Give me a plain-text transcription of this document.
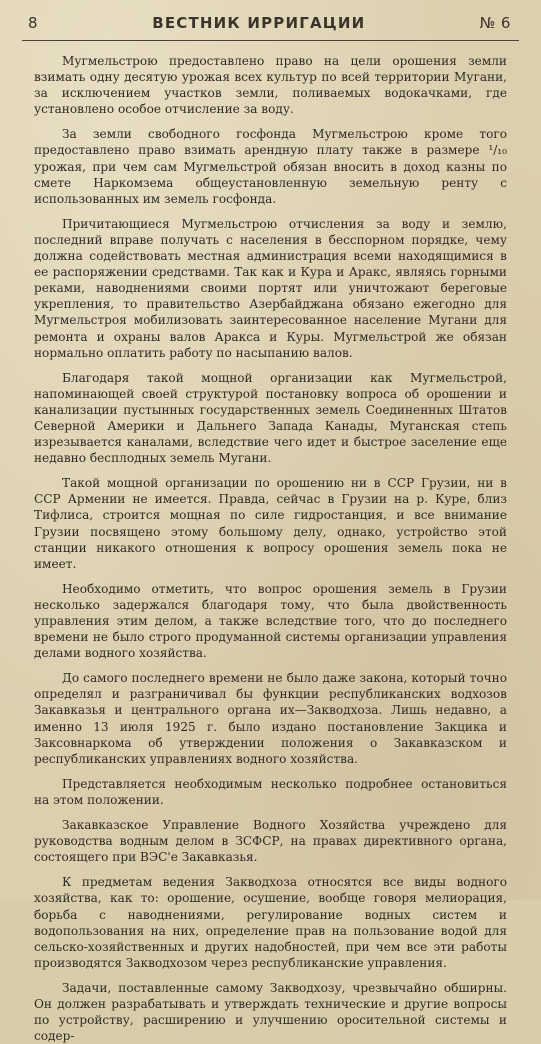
8	ВЕСТНИК ИРРИГАЦИИ	№ 6

Мугмельстрою предоставлено право на цели орошения земли взимать одну десятую урожая всех культур по всей территории Мугани, за исключением участков земли, поливаемых водокачками, где установлено особое отчисление за воду.

За земли свободного госфонда Мугмельстрою кроме того предоставлено право взимать арендную плату также в размере ¹/₁₀ урожая, при чем сам Мугмельстрой обязан вносить в доход казны по смете Наркомзема общеустановленную земельную ренту с использованных им земель госфонда.

Причитающиеся Мугмельстрою отчисления за воду и землю, последний вправе получать с населения в бесспорном порядке, чему должна содействовать местная администрация всеми находящимися в ее распоряжении средствами. Так как и Кура и Аракс, являясь горными реками, наводнениями своими портят или уничтожают береговые укрепления, то правительство Азербайджана обязано ежегодно для Мугмельстроя мобилизовать заинтересованное население Мугани для ремонта и охраны валов Аракса и Куры. Мугмельстрой же обязан нормально оплатить работу по насыпанию валов.

Благодаря такой мощной организации как Мугмельстрой, напоминающей своей структурой постановку вопроса об орошении и канализации пустынных государственных земель Соединенных Штатов Северной Америки и Дальнего Запада Канады, Муганская степь изрезывается каналами, вследствие чего идет и быстрое заселение еще недавно бесплодных земель Мугани.

Такой мощной организации по орошению ни в ССР Грузии, ни в ССР Армении не имеется. Правда, сейчас в Грузии на р. Куре, близ Тифлиса, строится мощная по силе гидростанция, и все внимание Грузии посвящено этому большому делу, однако, устройство этой станции никакого отношения к вопросу орошения земель пока не имеет.

Необходимо отметить, что вопрос орошения земель в Грузии несколько задержался благодаря тому, что была двойственность управления этим делом, а также вследствие того, что до последнего времени не было строго продуманной системы организации управления делами водного хозяйства.

До самого последнего времени не было даже закона, который точно определял и разграничивал бы функции республиканских водхозов Закавказья и центрального органа их—Закводхоза. Лишь недавно, а именно 13 июля 1925 г. было издано постановление Закцика и Заксовнаркома об утверждении положения о Закавказском и республиканских управлениях водного хозяйства.

Представляется необходимым несколько подробнее остановиться на этом положении.

Закавказское Управление Водного Хозяйства учреждено для руководства водным делом в ЗСФСР, на правах директивного органа, состоящего при ВЭС'е Закавказья.

К предметам ведения Закводхоза относятся все виды водного хозяйства, как то: орошение, осушение, вообще говоря мелиорация, борьба с наводнениями, регулирование водных систем и водопользования на них, определение прав на пользование водой для сельско-хозяйственных и других надобностей, при чем все эти работы производятся Закводхозом через республиканские управления.

Задачи, поставленные самому Закводхозу, чрезвычайно обширны. Он должен разрабатывать и утверждать технические и другие вопросы по устройству, расширению и улучшению оросительной системы и содер-
